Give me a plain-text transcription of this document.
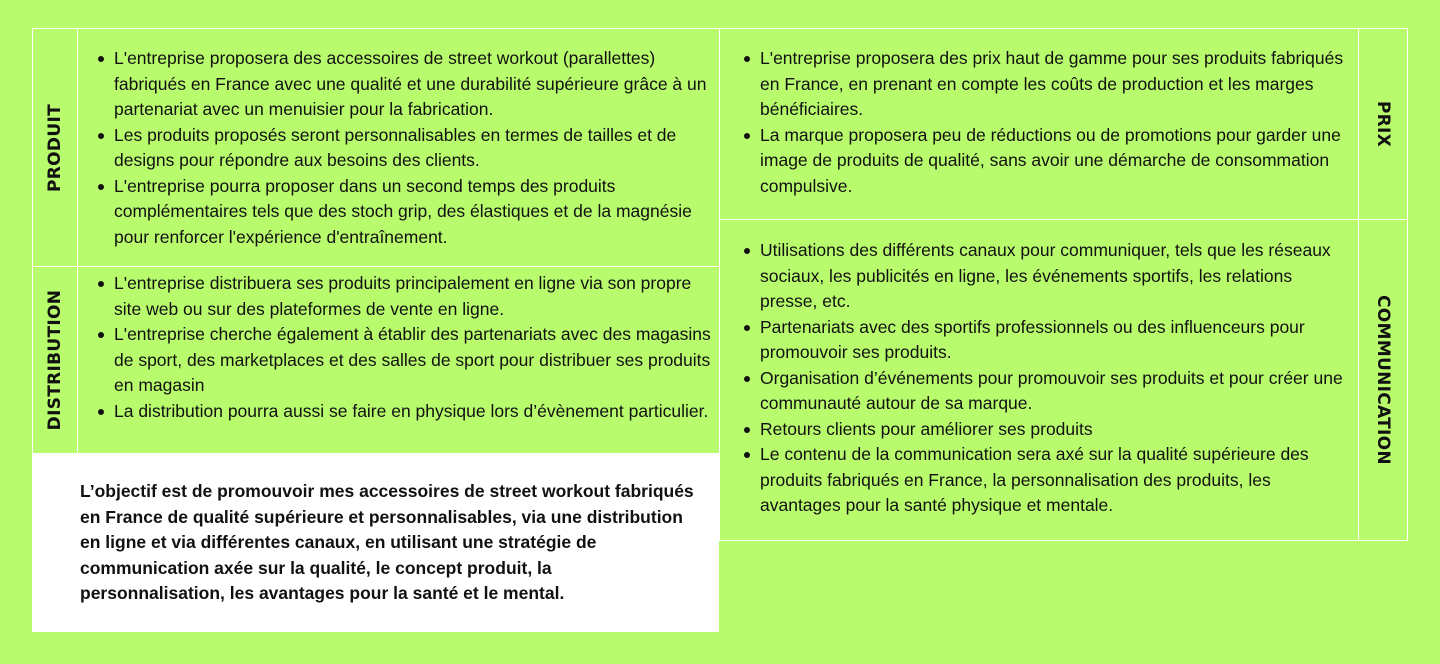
PRODUIT
L'entreprise proposera des accessoires de street workout (parallettes) fabriqués en France avec une qualité et une durabilité supérieure grâce à un partenariat avec un menuisier pour la fabrication.
Les produits proposés seront personnalisables en termes de tailles et de designs pour répondre aux besoins des clients.
L'entreprise pourra proposer dans un second temps des produits complémentaires tels que des stoch grip, des élastiques et de la magnésie pour renforcer l'expérience d'entraînement.
DISTRIBUTION
L'entreprise distribuera ses produits principalement en ligne via son propre site web ou sur des plateformes de vente en ligne.
L'entreprise cherche également à établir des partenariats avec des magasins de sport, des marketplaces et des salles de sport pour distribuer ses produits en magasin
La distribution pourra aussi se faire en physique lors d’évènement particulier.

L’objectif est de promouvoir mes accessoires de street workout fabriqués en France de qualité supérieure et personnalisables, via une distribution en ligne et via différentes canaux, en utilisant une stratégie de communication axée sur la qualité, le concept produit, la personnalisation, les avantages pour la santé et le mental.

L'entreprise proposera des prix haut de gamme pour ses produits fabriqués en France, en prenant en compte les coûts de production et les marges bénéficiaires.
La marque proposera peu de réductions ou de promotions pour garder une image de produits de qualité, sans avoir une démarche de consommation compulsive.
PRIX
Utilisations des différents canaux pour communiquer, tels que les réseaux sociaux, les publicités en ligne, les événements sportifs, les relations presse, etc.
Partenariats avec des sportifs professionnels ou des influenceurs pour promouvoir ses produits.
Organisation d’événements pour promouvoir ses produits et pour créer une communauté autour de sa marque.
Retours clients pour améliorer ses produits
Le contenu de la communication sera axé sur la qualité supérieure des produits fabriqués en France, la personnalisation des produits, les avantages pour la santé physique et mentale.
COMMUNICATION
